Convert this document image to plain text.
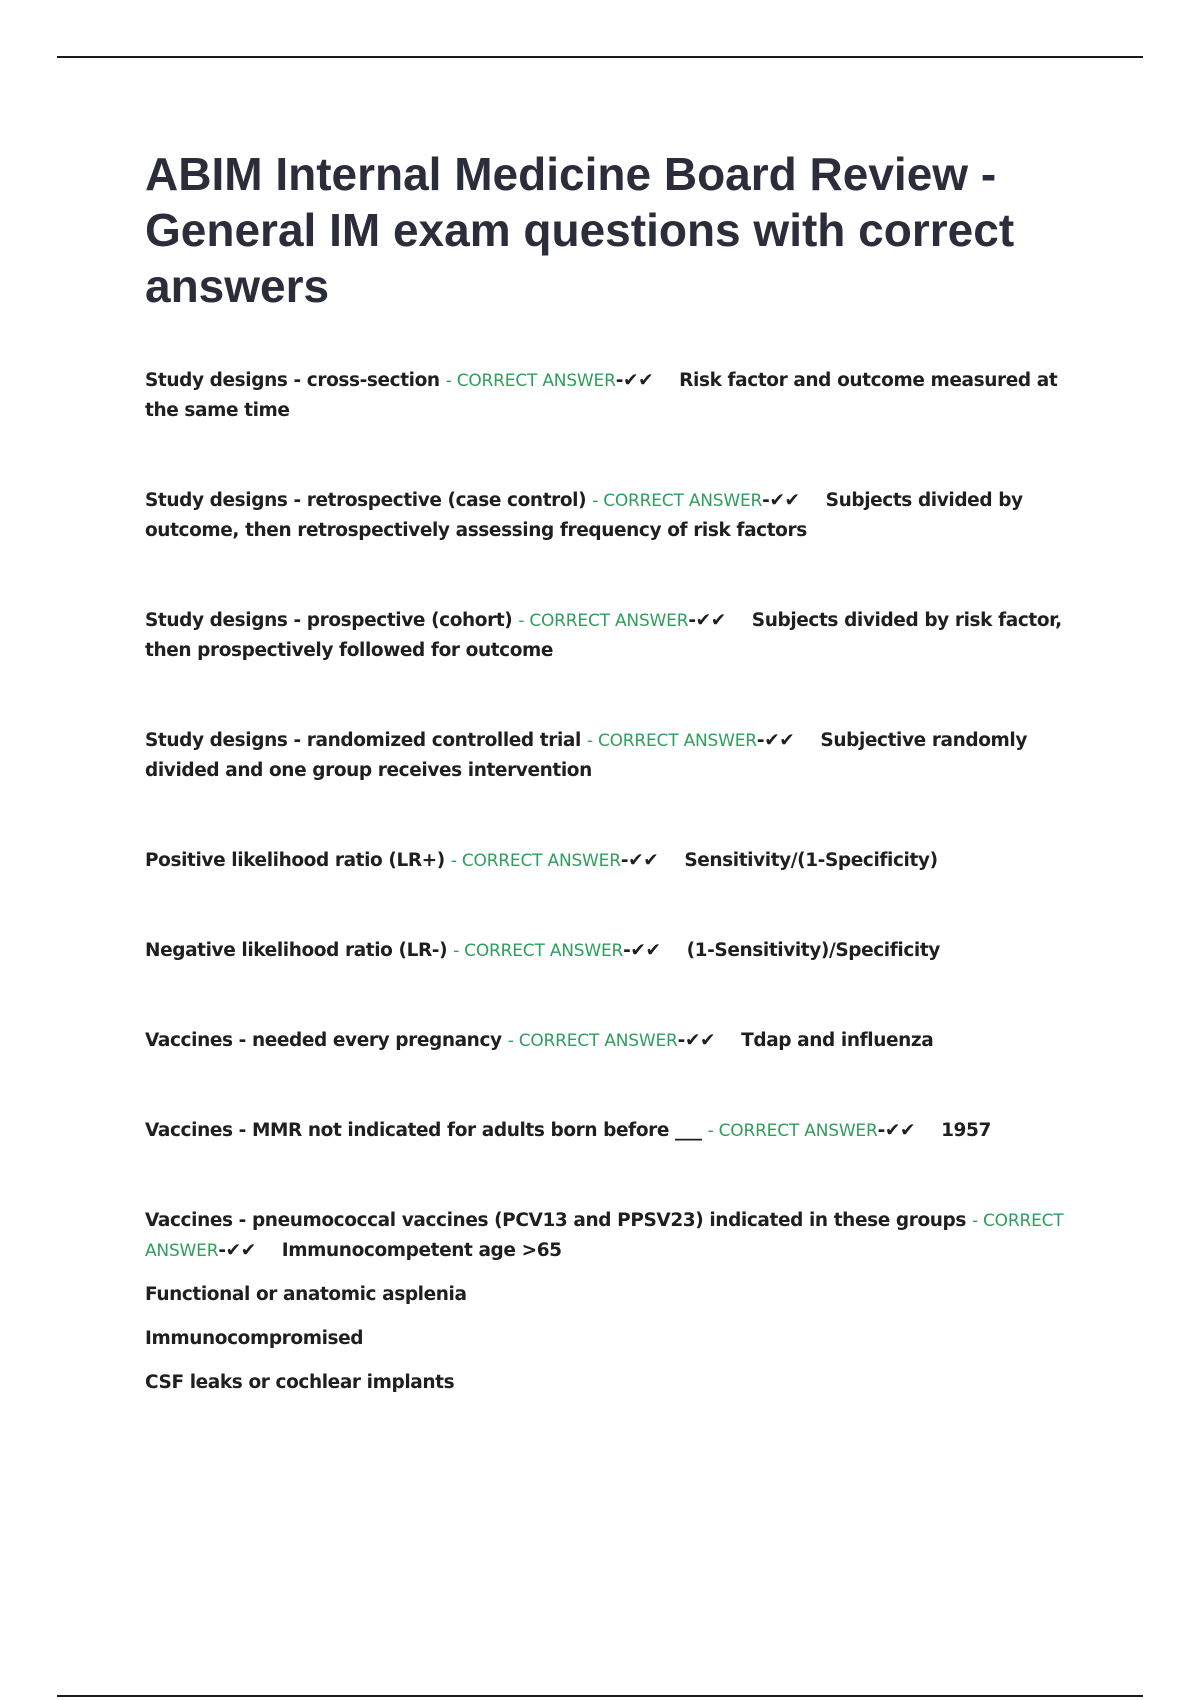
ABIM Internal Medicine Board Review - General IM exam questions with correct answers
Study designs - cross-section - CORRECT ANSWER-✔✔ Risk factor and outcome measured at the same time
Study designs - retrospective (case control) - CORRECT ANSWER-✔✔ Subjects divided by outcome, then retrospectively assessing frequency of risk factors
Study designs - prospective (cohort) - CORRECT ANSWER-✔✔ Subjects divided by risk factor, then prospectively followed for outcome
Study designs - randomized controlled trial - CORRECT ANSWER-✔✔ Subjective randomly divided and one group receives intervention
Positive likelihood ratio (LR+) - CORRECT ANSWER-✔✔ Sensitivity/(1-Specificity)
Negative likelihood ratio (LR-) - CORRECT ANSWER-✔✔ (1-Sensitivity)/Specificity
Vaccines - needed every pregnancy - CORRECT ANSWER-✔✔ Tdap and influenza
Vaccines - MMR not indicated for adults born before ___ - CORRECT ANSWER-✔✔ 1957
Vaccines - pneumococcal vaccines (PCV13 and PPSV23) indicated in these groups - CORRECT ANSWER-✔✔ Immunocompetent age >65
Functional or anatomic asplenia
Immunocompromised
CSF leaks or cochlear implants
